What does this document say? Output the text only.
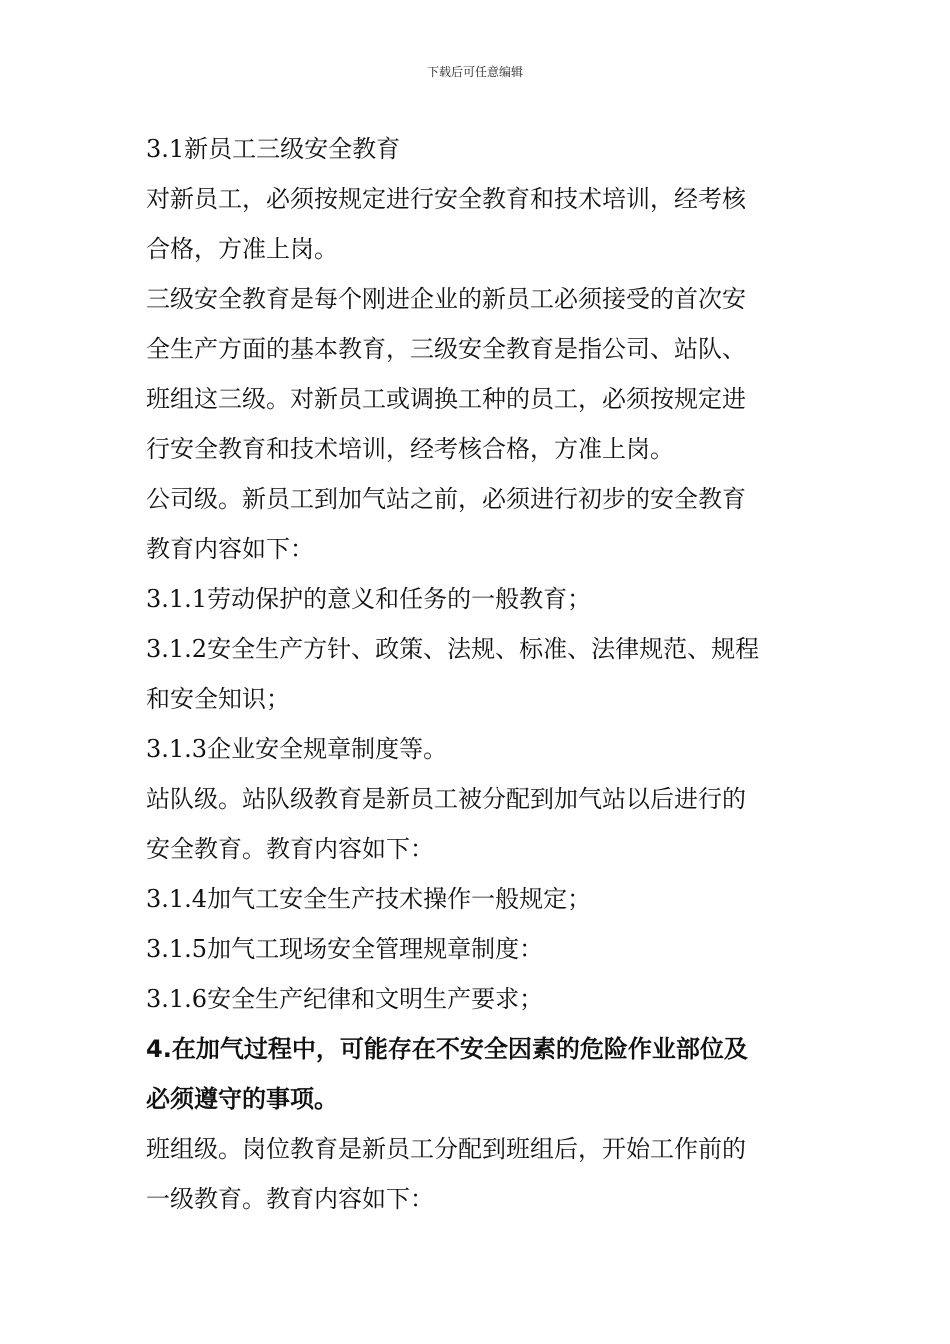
下载后可任意编辑

3.1新员工三级安全教育

对新员工，必须按规定进行安全教育和技术培训，经考核

合格，方准上岗。

三级安全教育是每个刚进企业的新员工必须接受的首次安

全生产方面的基本教育，三级安全教育是指公司、站队、

班组这三级。对新员工或调换工种的员工，必须按规定进

行安全教育和技术培训，经考核合格，方准上岗。

公司级。新员工到加气站之前，必须进行初步的安全教育

教育内容如下：

3.1.1劳动保护的意义和任务的一般教育；

3.1.2安全生产方针、政策、法规、标准、法律规范、规程

和安全知识；

3.1.3企业安全规章制度等。

站队级。站队级教育是新员工被分配到加气站以后进行的

安全教育。教育内容如下：

3.1.4加气工安全生产技术操作一般规定；

3.1.5加气工现场安全管理规章制度：

3.1.6安全生产纪律和文明生产要求；

4.在加气过程中，可能存在不安全因素的危险作业部位及

必须遵守的事项。

班组级。岗位教育是新员工分配到班组后，开始工作前的

一级教育。教育内容如下：
